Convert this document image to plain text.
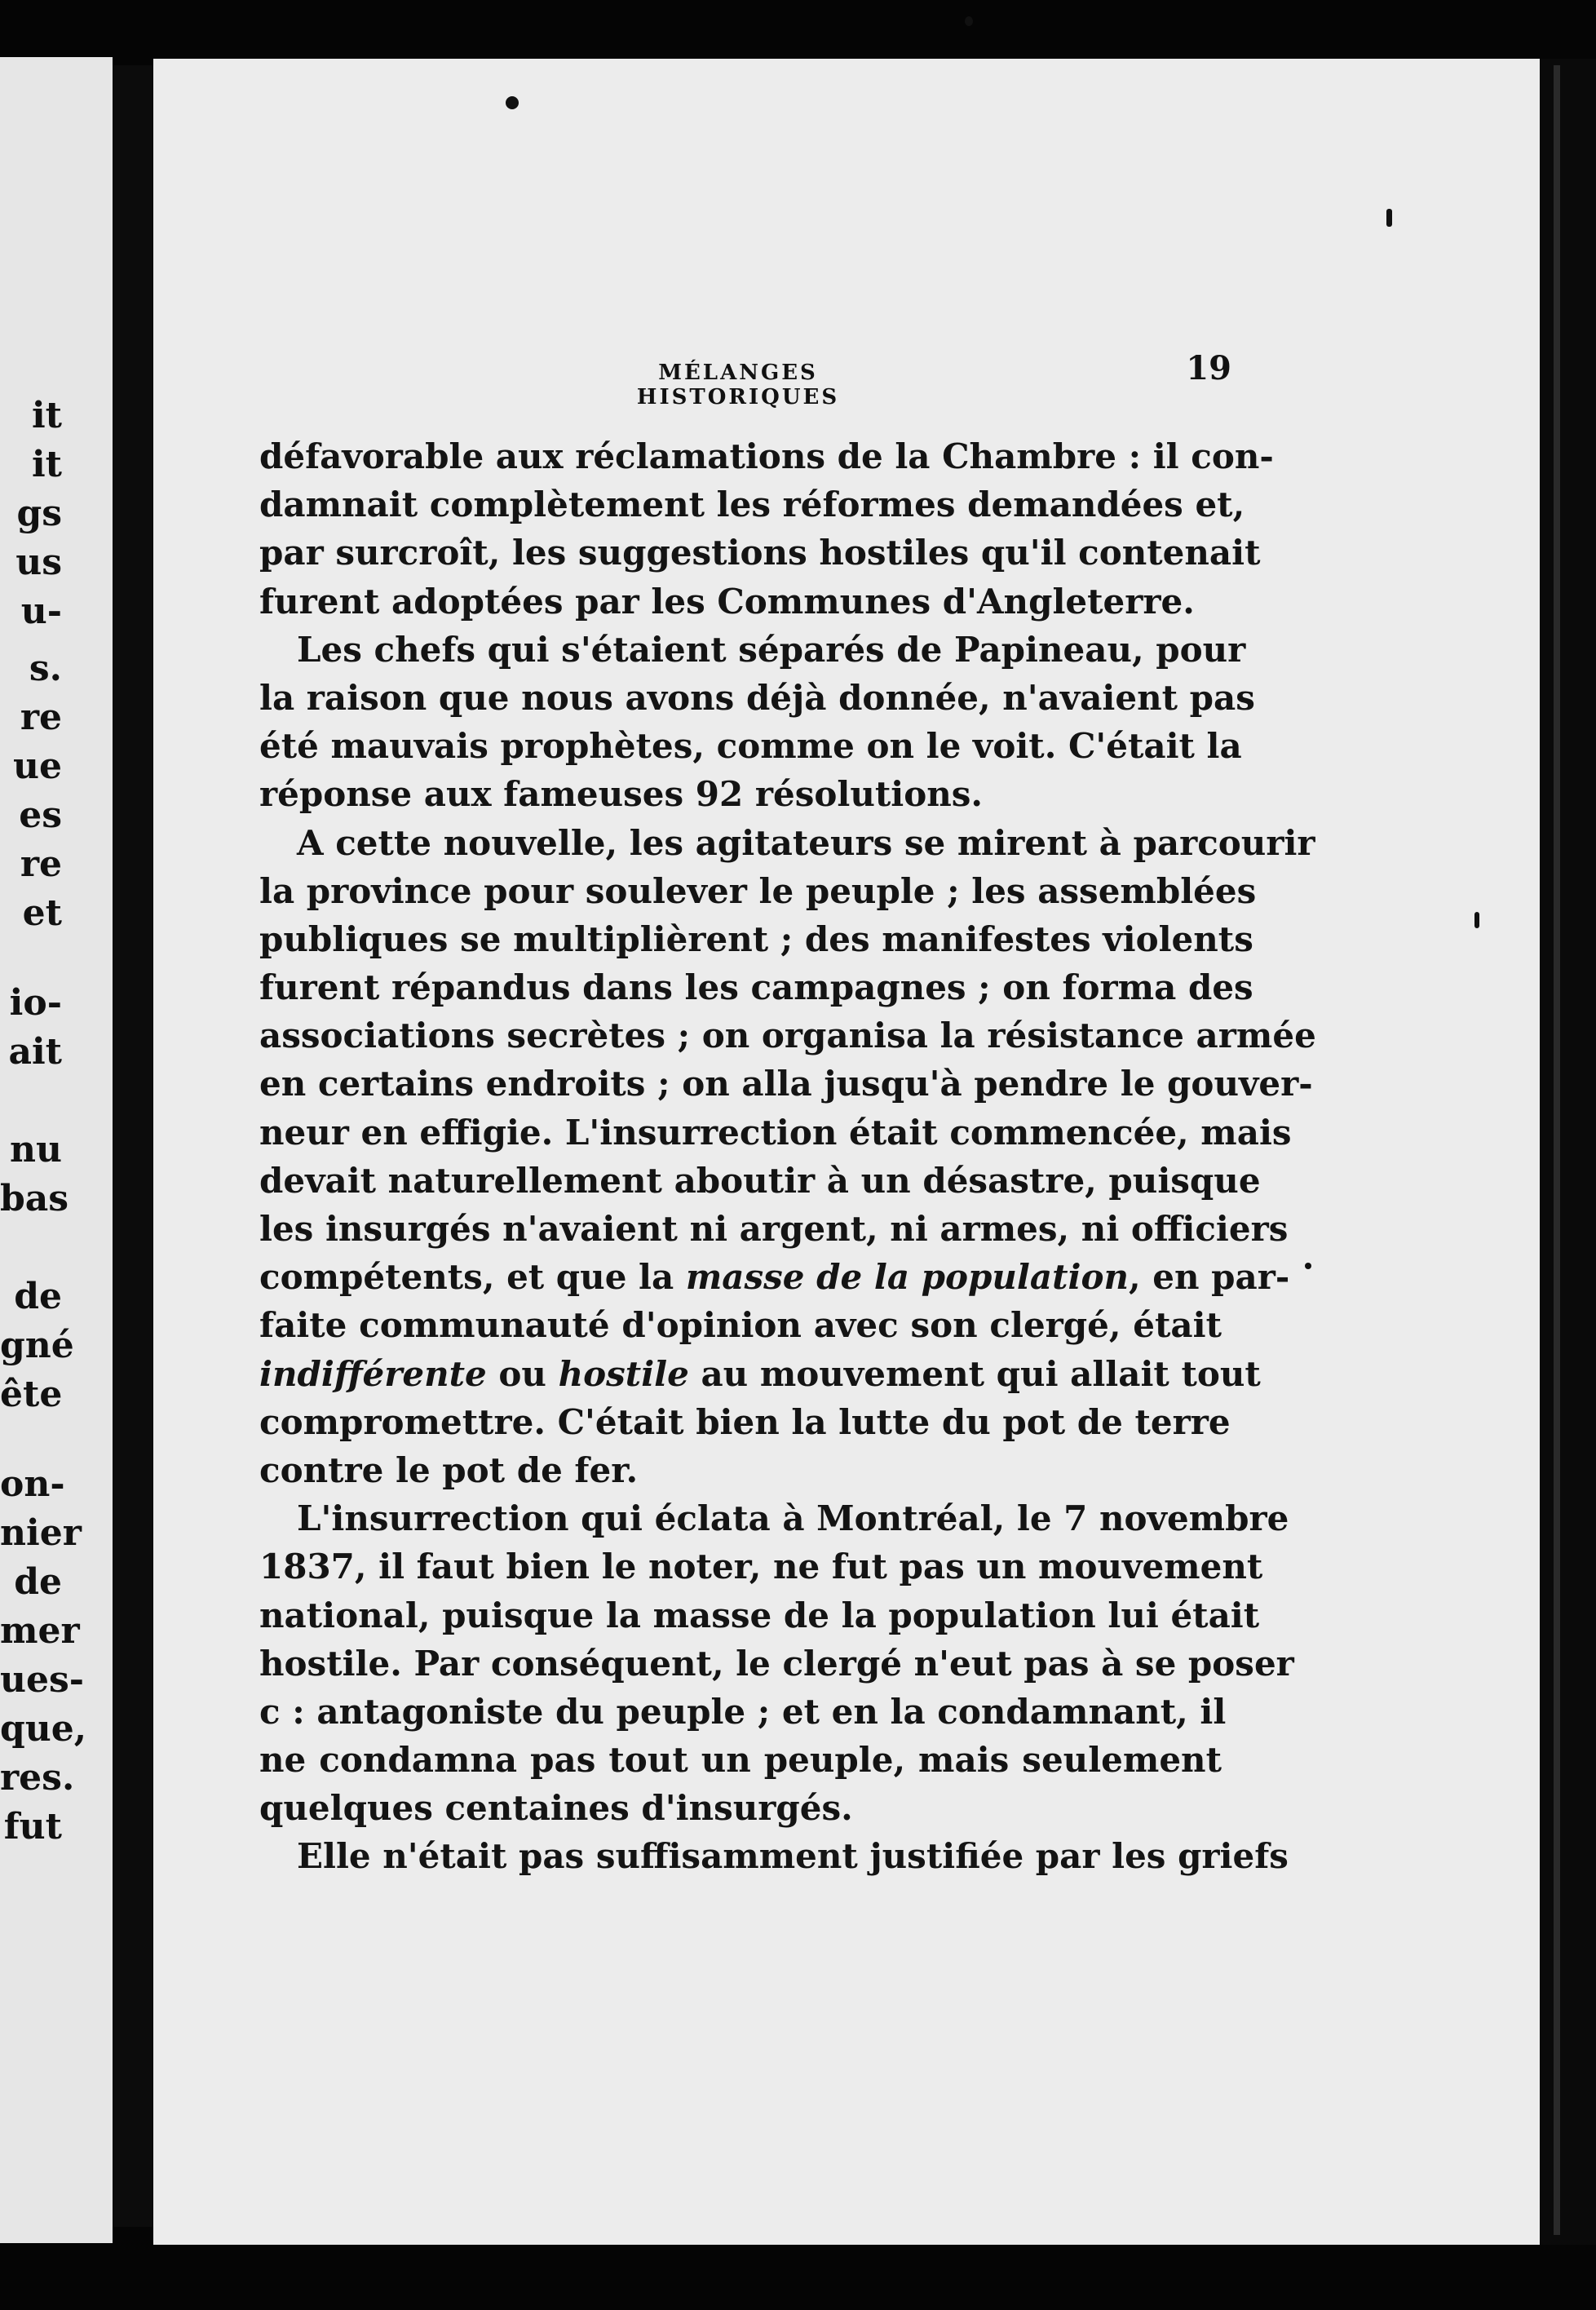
it
it
gs
us
u-
s.
re
ue
es
re
et
io-
ait
nu
bas
de
gné
ête
on-
nier
de
mer
ues-
que,
res.
fut
MÉLANGES HISTORIQUES
19
défavorable aux réclamations de la Chambre : il con-
damnait complètement les réformes demandées et,
par surcroît, les suggestions hostiles qu'il contenait
furent adoptées par les Communes d'Angleterre.
Les chefs qui s'étaient séparés de Papineau, pour
la raison que nous avons déjà donnée, n'avaient pas
été mauvais prophètes, comme on le voit. C'était la
réponse aux fameuses 92 résolutions.
A cette nouvelle, les agitateurs se mirent à parcourir
la province pour soulever le peuple ; les assemblées
publiques se multiplièrent ; des manifestes violents
furent répandus dans les campagnes ; on forma des
associations secrètes ; on organisa la résistance armée
en certains endroits ; on alla jusqu'à pendre le gouver-
neur en effigie. L'insurrection était commencée, mais
devait naturellement aboutir à un désastre, puisque
les insurgés n'avaient ni argent, ni armes, ni officiers
compétents, et que la masse de la population, en par-
faite communauté d'opinion avec son clergé, était
indifférente ou hostile au mouvement qui allait tout
compromettre. C'était bien la lutte du pot de terre
contre le pot de fer.
L'insurrection qui éclata à Montréal, le 7 novembre
1837, il faut bien le noter, ne fut pas un mouvement
national, puisque la masse de la population lui était
hostile. Par conséquent, le clergé n'eut pas à se poser
c : antagoniste du peuple ; et en la condamnant, il
ne condamna pas tout un peuple, mais seulement
quelques centaines d'insurgés.
Elle n'était pas suffisamment justifiée par les griefs
